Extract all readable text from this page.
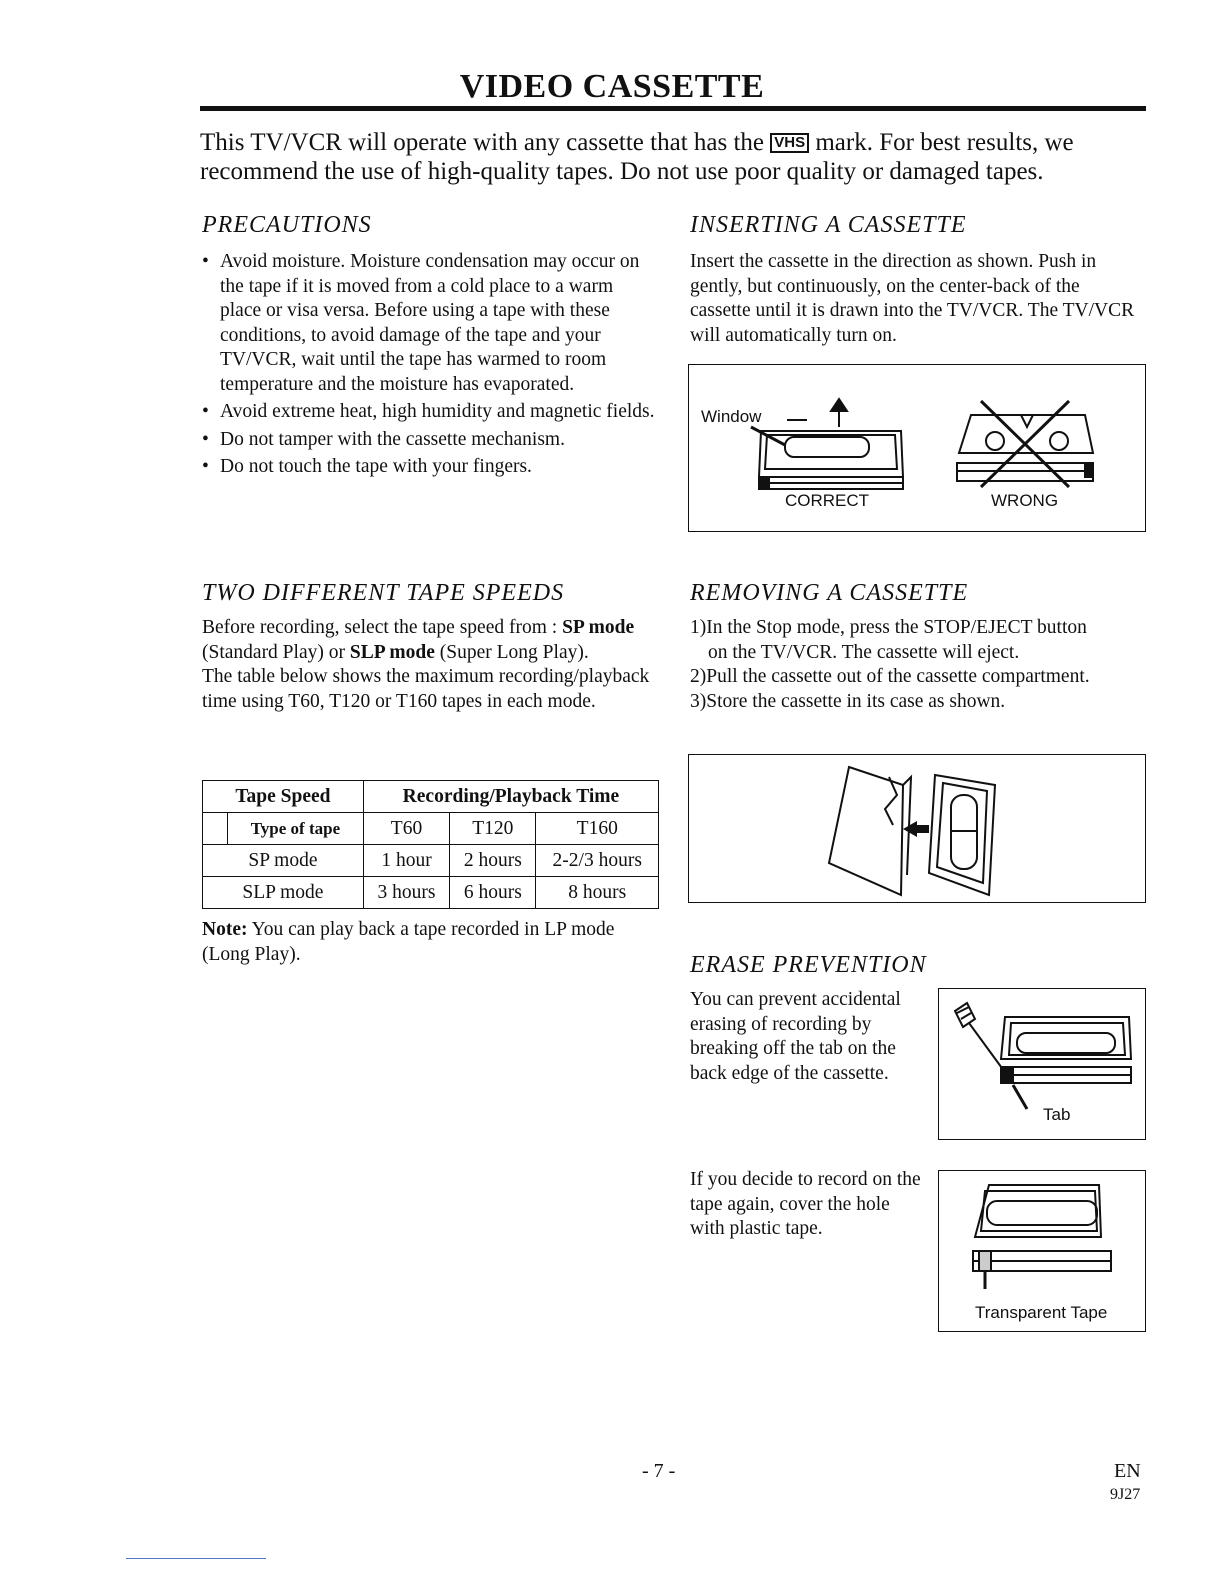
VIDEO CASSETTE
This TV/VCR will operate with any cassette that has the VHS mark. For best results, we recommend the use of high-quality tapes. Do not use poor quality or damaged tapes.
PRECAUTIONS
• Avoid moisture. Moisture condensation may occur on the tape if it is moved from a cold place to a warm place or visa versa. Before using a tape with these conditions, to avoid damage of the tape and your TV/VCR, wait until the tape has warmed to room temperature and the moisture has evaporated.
• Avoid extreme heat, high humidity and magnetic fields.
• Do not tamper with the cassette mechanism.
• Do not touch the tape with your fingers.
INSERTING A CASSETTE
Insert the cassette in the direction as shown. Push in gently, but continuously, on the center-back of the cassette until it is drawn into the TV/VCR. The TV/VCR will automatically turn on.
Window
CORRECT	WRONG
TWO DIFFERENT TAPE SPEEDS
Before recording, select the tape speed from : SP mode (Standard Play) or SLP mode (Super Long Play).
The table below shows the maximum recording/playback time using T60, T120 or T160 tapes in each mode.
Tape Speed		Recording/Playback Time		
	Type of tape	T60	T120	T160
SP mode		1 hour	2 hours	2-2/3 hours
SLP mode		3 hours	6 hours	8 hours
Note: You can play back a tape recorded in LP mode (Long Play).
REMOVING A CASSETTE

1)In the Stop mode, press the STOP/EJECT button

on the TV/VCR. The cassette will eject.

2)Pull the cassette out of the cassette compartment.

3)Store the cassette in its case as shown.

ERASE PREVENTION
You can prevent accidental erasing of recording by breaking off the tab on the back edge of the cassette.
Tab
If you decide to record on the tape again, cover the hole with plastic tape.
Transparent Tape
- 7 -	EN
9J27
